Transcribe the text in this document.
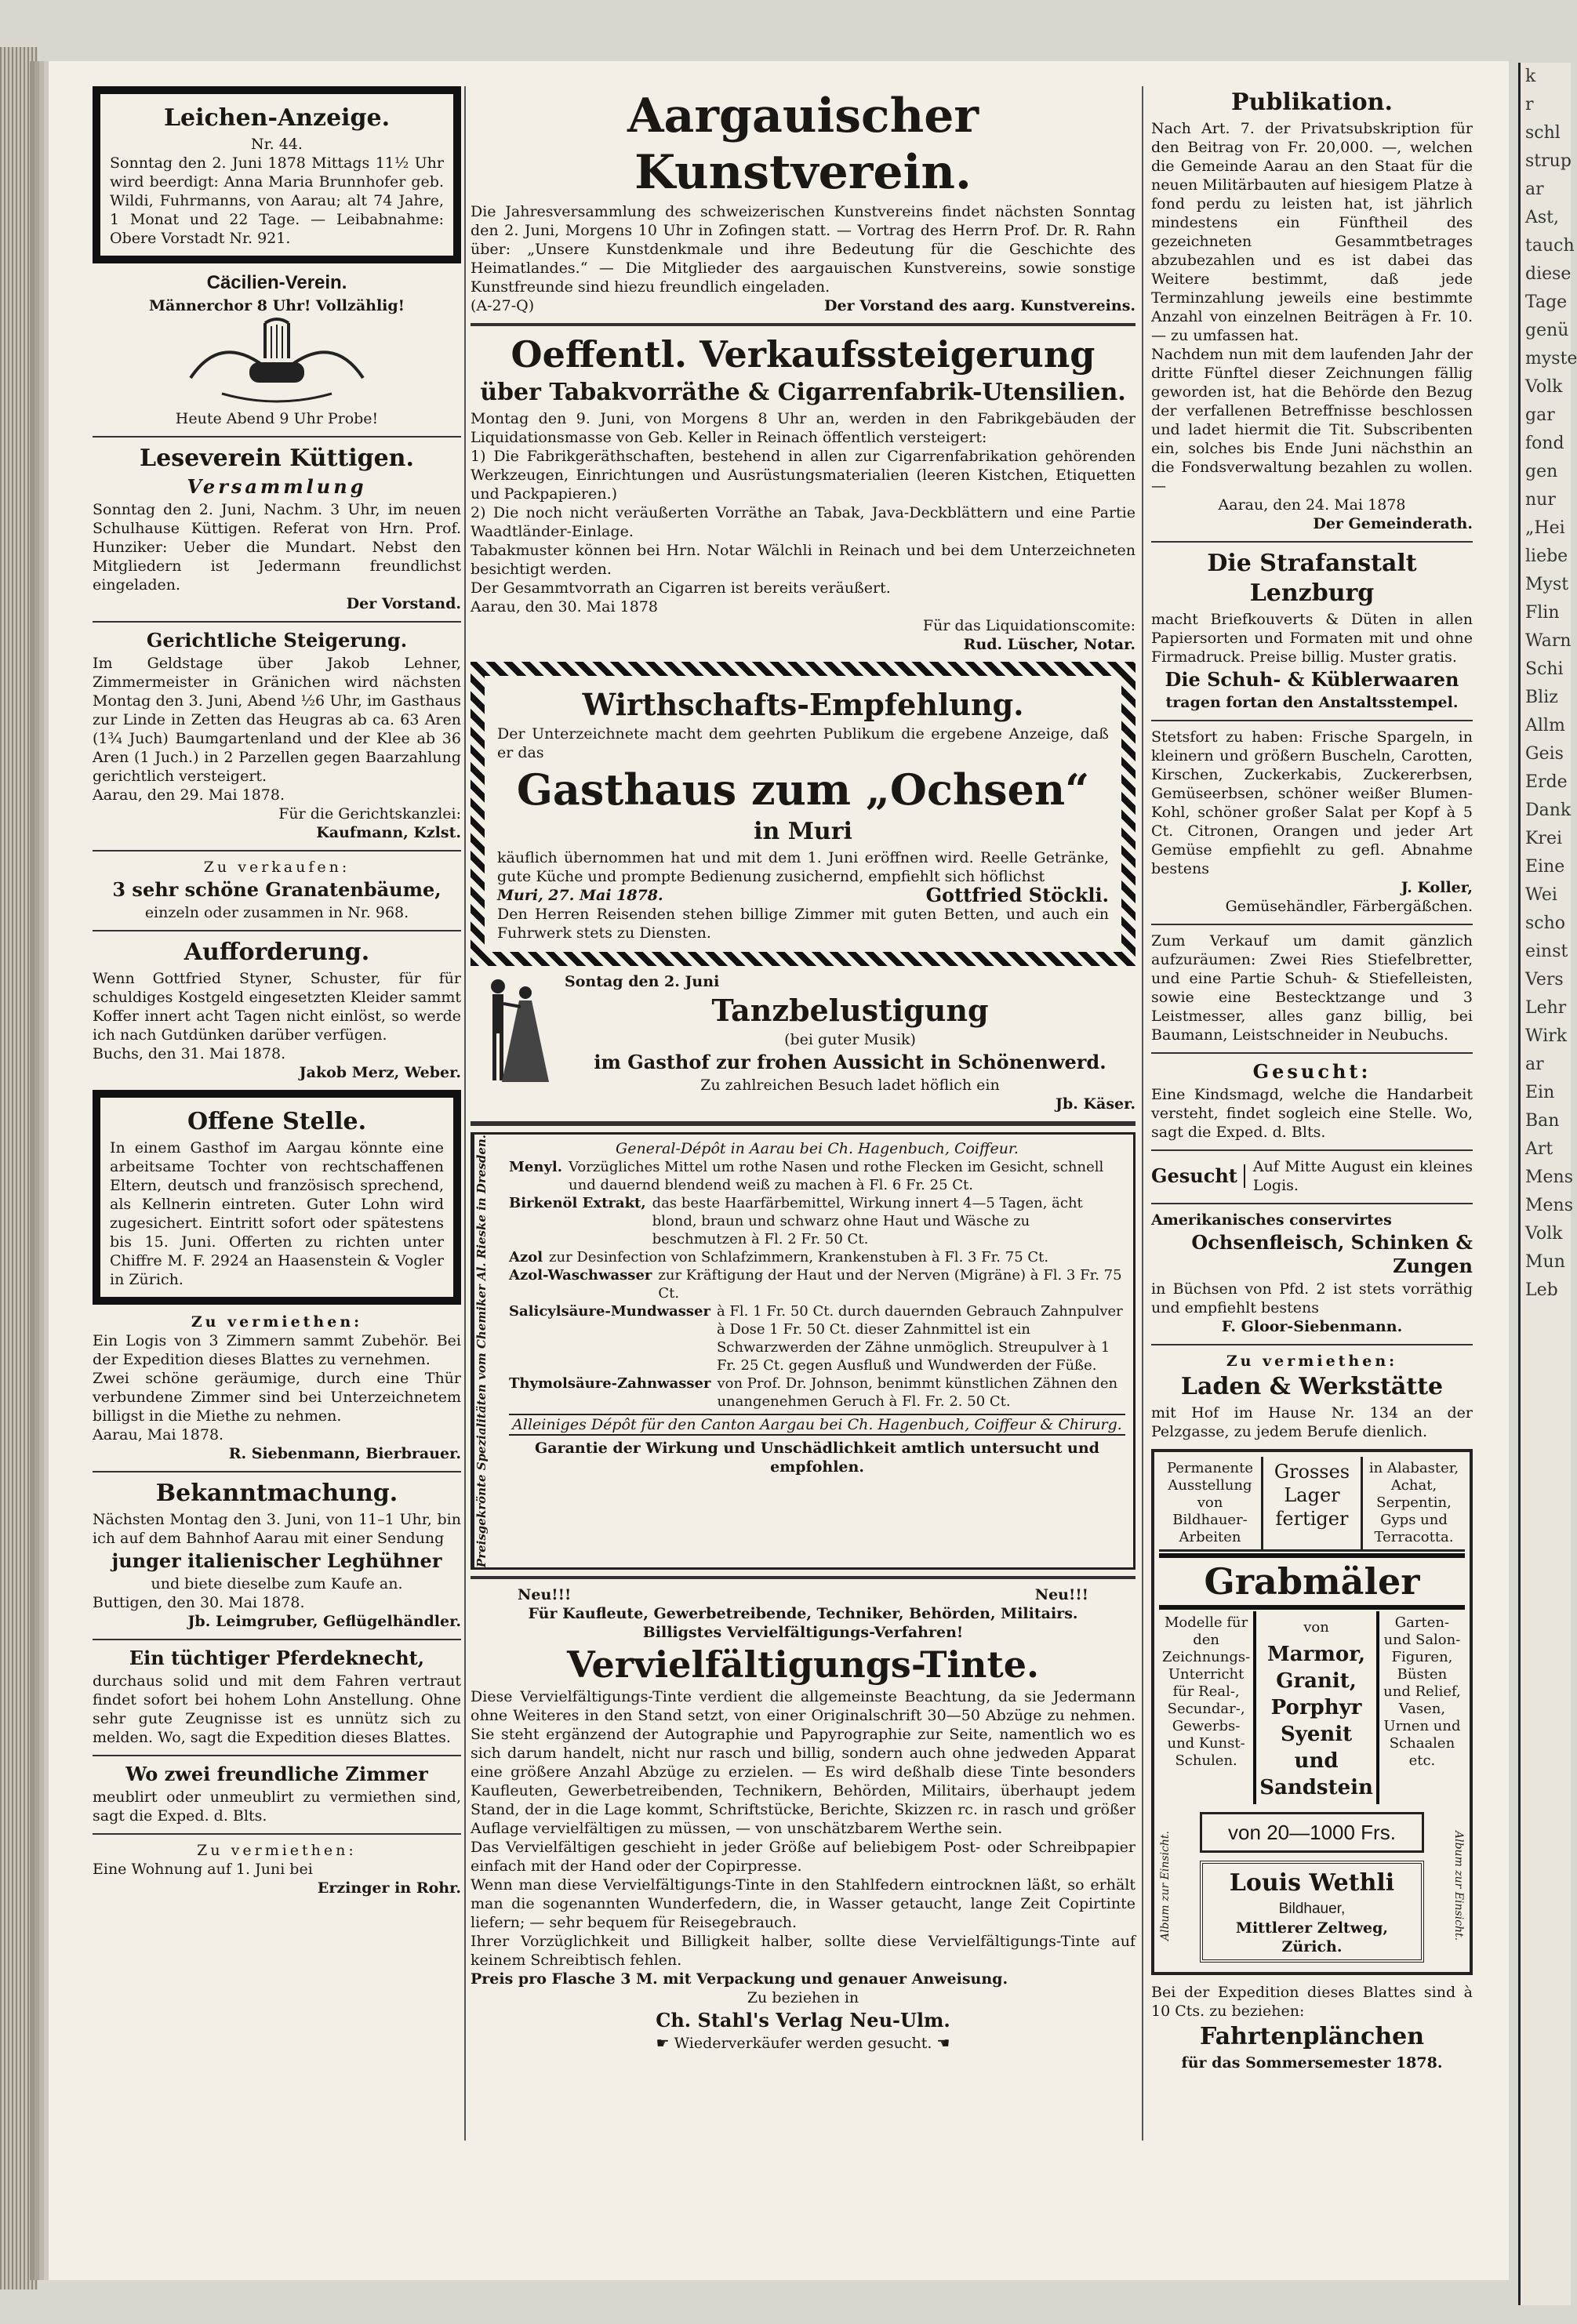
k
r
schl
strup
ar
Ast,
tauch
diese
Tage
genü
myste
Volk
gar
fond
gen
nur
„Hei
liebe
Myst
Flin
Warn
Schi
Bliz
Allm
Geis
Erde
Dank
Krei
Eine
Wei
scho
einst
Vers
Lehr
Wirk
ar
Ein
Ban
Art
Mens
Mens
Volk
Mun
Leb
Leichen-Anzeige.
Nr. 44.

Sonntag den 2. Juni 1878 Mittags 11½ Uhr wird beerdigt: Anna Maria Brunnhofer geb. Wildi, Fuhrmanns, von Aarau; alt 74 Jahre, 1 Monat und 22 Tage. — Leibabnahme: Obere Vorstadt Nr. 921.

Cäcilien-Verein.
Männerchor 8 Uhr! Vollzählig!
Heute Abend 9 Uhr Probe!
Leseverein Küttigen.
Versammlung

Sonntag den 2. Juni, Nachm. 3 Uhr, im neuen Schulhause Küttigen. Referat von Hrn. Prof. Hunziker: Ueber die Mundart. Nebst den Mitgliedern ist Jedermann freundlichst eingeladen.

Der Vorstand.
Gerichtliche Steigerung.

Im Geldstage über Jakob Lehner, Zimmermeister in Gränichen wird nächsten Montag den 3. Juni, Abend ½6 Uhr, im Gasthaus zur Linde in Zetten das Heugras ab ca. 63 Aren (1¾ Juch) Baumgartenland und der Klee ab 36 Aren (1 Juch.) in 2 Parzellen gegen Baarzahlung gerichtlich versteigert.

Aarau, den 29. Mai 1878.
Für die Gerichtskanzlei:
Kaufmann, Kzlst.
Zu verkaufen:
3 sehr schöne Granatenbäume,
einzeln oder zusammen in Nr. 968.
Aufforderung.

Wenn Gottfried Styner, Schuster, für für schuldiges Kostgeld eingesetzten Kleider sammt Koffer innert acht Tagen nicht einlöst, so werde ich nach Gutdünken darüber verfügen.

Buchs, den 31. Mai 1878.
Jakob Merz, Weber.
Offene Stelle.

In einem Gasthof im Aargau könnte eine arbeitsame Tochter von rechtschaffenen Eltern, deutsch und französisch sprechend, als Kellnerin eintreten. Guter Lohn wird zugesichert. Eintritt sofort oder spätestens bis 15. Juni. Offerten zu richten unter Chiffre M. F. 2924 an Haasenstein & Vogler in Zürich.

Zu vermiethen:

Ein Logis von 3 Zimmern sammt Zubehör. Bei der Expedition dieses Blattes zu vernehmen.

Zwei schöne geräumige, durch eine Thür verbundene Zimmer sind bei Unterzeichnetem billigst in die Miethe zu nehmen.

Aarau, Mai 1878.
R. Siebenmann, Bierbrauer.
Bekanntmachung.

Nächsten Montag den 3. Juni, von 11–1 Uhr, bin ich auf dem Bahnhof Aarau mit einer Sendung

junger italienischer Leghühner
und biete dieselbe zum Kaufe an.
Buttigen, den 30. Mai 1878.
Jb. Leimgruber, Geflügelhändler.
Ein tüchtiger Pferdeknecht,

durchaus solid und mit dem Fahren vertraut findet sofort bei hohem Lohn Anstellung. Ohne sehr gute Zeugnisse ist es unnütz sich zu melden. Wo, sagt die Expedition dieses Blattes.

Wo zwei freundliche Zimmer

meublirt oder unmeublirt zu vermiethen sind, sagt die Exped. d. Blts.

Zu vermiethen:
Eine Wohnung auf 1. Juni bei
Erzinger in Rohr.
Aargauischer Kunstverein.

Die Jahresversammlung des schweizerischen Kunstvereins findet nächsten Sonntag den 2. Juni, Morgens 10 Uhr in Zofingen statt. — Vortrag des Herrn Prof. Dr. R. Rahn über: „Unsere Kunstdenkmale und ihre Bedeutung für die Geschichte des Heimatlandes.“ — Die Mitglieder des aargauischen Kunstvereins, sowie sonstige Kunstfreunde sind hiezu freundlich eingeladen.

(A-27-Q)	Der Vorstand des aarg. Kunstvereins.
Oeffentl. Verkaufssteigerung
über Tabakvorräthe & Cigarrenfabrik-Utensilien.

Montag den 9. Juni, von Morgens 8 Uhr an, werden in den Fabrikgebäuden der Liquidationsmasse von Geb. Keller in Reinach öffentlich versteigert:

1) Die Fabrikgeräthschaften, bestehend in allen zur Cigarrenfabrikation gehörenden Werkzeugen, Einrichtungen und Ausrüstungsmaterialien (leeren Kistchen, Etiquetten und Packpapieren.)

2) Die noch nicht veräußerten Vorräthe an Tabak, Java-Deckblättern und eine Partie Waadtländer-Einlage.

Tabakmuster können bei Hrn. Notar Wälchli in Reinach und bei dem Unterzeichneten besichtigt werden.

Der Gesammtvorrath an Cigarren ist bereits veräußert.

Aarau, den 30. Mai 1878
Für das Liquidationscomite:
Rud. Lüscher, Notar.
Wirthschafts-Empfehlung.

Der Unterzeichnete macht dem geehrten Publikum die ergebene Anzeige, daß er das

Gasthaus zum „Ochsen“
in Muri

käuflich übernommen hat und mit dem 1. Juni eröffnen wird. Reelle Getränke, gute Küche und prompte Bedienung zusichernd, empfiehlt sich höflichst

Muri, 27. Mai 1878.	Gottfried Stöckli.

Den Herren Reisenden stehen billige Zimmer mit guten Betten, und auch ein Fuhrwerk stets zu Diensten.

Sontag den 2. Juni
Tanzbelustigung
(bei guter Musik)
im Gasthof zur frohen Aussicht in Schönenwerd.
Zu zahlreichen Besuch ladet höflich ein
Jb. Käser.
Preisgekrönte Spezialitäten vom Chemiker Al. Rieske in Dresden.	General-Dépôt in Aarau bei Ch. Hagenbuch, Coiffeur.
Menyl. Vorzügliches Mittel um rothe Nasen und rothe Flecken im Gesicht, schnell und dauernd blendend weiß zu machen à Fl. 6 Fr. 25 Ct.
Birkenöl Extrakt, das beste Haarfärbemittel, Wirkung innert 4—5 Tagen, ächt blond, braun und schwarz ohne Haut und Wäsche zu beschmutzen à Fl. 2 Fr. 50 Ct.
Azol zur Desinfection von Schlafzimmern, Krankenstuben à Fl. 3 Fr. 75 Ct.
Azol-Waschwasser zur Kräftigung der Haut und der Nerven (Migräne) à Fl. 3 Fr. 75 Ct.
Salicylsäure-Mundwasser à Fl. 1 Fr. 50 Ct. durch dauernden Gebrauch Zahnpulver à Dose 1 Fr. 50 Ct. dieser Zahnmittel ist ein Schwarzwerden der Zähne unmöglich. Streupulver à 1 Fr. 25 Ct. gegen Ausfluß und Wundwerden der Füße.
Thymolsäure-Zahnwasser von Prof. Dr. Johnson, benimmt künstlichen Zähnen den unangenehmen Geruch à Fl. Fr. 2. 50 Ct.
Alleiniges Dépôt für den Canton Aargau bei Ch. Hagenbuch, Coiffeur & Chirurg.
Garantie der Wirkung und Unschädlichkeit amtlich untersucht und empfohlen.
Neu!!!	Neu!!!
Für Kaufleute, Gewerbetreibende, Techniker, Behörden, Militairs.
Billigstes Vervielfältigungs-Verfahren!
Vervielfältigungs-Tinte.

Diese Vervielfältigungs-Tinte verdient die allgemeinste Beachtung, da sie Jedermann ohne Weiteres in den Stand setzt, von einer Originalschrift 30—50 Abzüge zu nehmen. Sie steht ergänzend der Autographie und Papyrographie zur Seite, namentlich wo es sich darum handelt, nicht nur rasch und billig, sondern auch ohne jedweden Apparat eine größere Anzahl Abzüge zu erzielen. — Es wird deßhalb diese Tinte besonders Kaufleuten, Gewerbetreibenden, Technikern, Behörden, Militairs, überhaupt jedem Stand, der in die Lage kommt, Schriftstücke, Berichte, Skizzen rc. in rasch und größer Auflage vervielfältigen zu müssen, — von unschätzbarem Werthe sein.

Das Vervielfältigen geschieht in jeder Größe auf beliebigem Post- oder Schreibpapier einfach mit der Hand oder der Copirpresse.

Wenn man diese Vervielfältigungs-Tinte in den Stahlfedern eintrocknen läßt, so erhält man die sogenannten Wunderfedern, die, in Wasser getaucht, lange Zeit Copirtinte liefern; — sehr bequem für Reisegebrauch.

Ihrer Vorzüglichkeit und Billigkeit halber, sollte diese Vervielfältigungs-Tinte auf keinem Schreibtisch fehlen.

Preis pro Flasche 3 M. mit Verpackung und genauer Anweisung.
Zu beziehen in
Ch. Stahl's Verlag Neu-Ulm.
☛ Wiederverkäufer werden gesucht. ☚
Publikation.

Nach Art. 7. der Privatsubskription für den Beitrag von Fr. 20,000. —, welchen die Gemeinde Aarau an den Staat für die neuen Militärbauten auf hiesigem Platze à fond perdu zu leisten hat, ist jährlich mindestens ein Fünftheil des gezeichneten Gesammtbetrages abzubezahlen und es ist dabei das Weitere bestimmt, daß jede Terminzahlung jeweils eine bestimmte Anzahl von einzelnen Beiträgen à Fr. 10. — zu umfassen hat.

Nachdem nun mit dem laufenden Jahr der dritte Fünftel dieser Zeichnungen fällig geworden ist, hat die Behörde den Bezug der verfallenen Betreffnisse beschlossen und ladet hiermit die Tit. Subscribenten ein, solches bis Ende Juni nächsthin an die Fondsverwaltung bezahlen zu wollen. —

Aarau, den 24. Mai 1878
Der Gemeinderath.
Die Strafanstalt Lenzburg

macht Briefkouverts & Düten in allen Papiersorten und Formaten mit und ohne Firmadruck. Preise billig. Muster gratis.

Die Schuh- & Küblerwaaren
tragen fortan den Anstaltsstempel.

Stetsfort zu haben: Frische Spargeln, in kleinern und größern Buscheln, Carotten, Kirschen, Zuckerkabis, Zuckererbsen, Gemüseerbsen, schöner weißer Blumen-Kohl, schöner großer Salat per Kopf à 5 Ct. Citronen, Orangen und jeder Art Gemüse empfiehlt zu gefl. Abnahme bestens

J. Koller,
Gemüsehändler, Färbergäßchen.

Zum Verkauf um damit gänzlich aufzuräumen: Zwei Ries Stiefelbretter, und eine Partie Schuh- & Stiefelleisten, sowie eine Bestecktzange und 3 Leistmesser, alles ganz billig, bei Baumann, Leistschneider in Neubuchs.

Gesucht:

Eine Kindsmagd, welche die Handarbeit versteht, findet sogleich eine Stelle. Wo, sagt die Exped. d. Blts.

Gesucht	Auf Mitte August ein kleines Logis.

Amerikanisches conservirtes
Ochsenfleisch, Schinken & Zungen

in Büchsen von Pfd. 2 ist stets vorräthig und empfiehlt bestens

F. Gloor-Siebenmann.
Zu vermiethen:
Laden & Werkstätte

mit Hof im Hause Nr. 134 an der Pelzgasse, zu jedem Berufe dienlich.

Permanente Ausstellung von Bildhauer-Arbeiten
Grosses Lager fertiger
in Alabaster, Achat, Serpentin, Gyps und Terracotta.
Grabmäler
Modelle für den Zeichnungs-Unterricht für Real-, Secundar-, Gewerbs- und Kunst-Schulen.
von
Marmor, Granit, Porphyr Syenit und Sandstein
Garten- und Salon-Figuren, Büsten und Relief, Vasen, Urnen und Schaalen etc.
Album zur Einsicht.	von 20—1000 Frs.
Louis Wethli
Bildhauer,
Mittlerer Zeltweg, Zürich.
Album zur Einsicht.

Bei der Expedition dieses Blattes sind à 10 Cts. zu beziehen:

Fahrtenplänchen
für das Sommersemester 1878.
